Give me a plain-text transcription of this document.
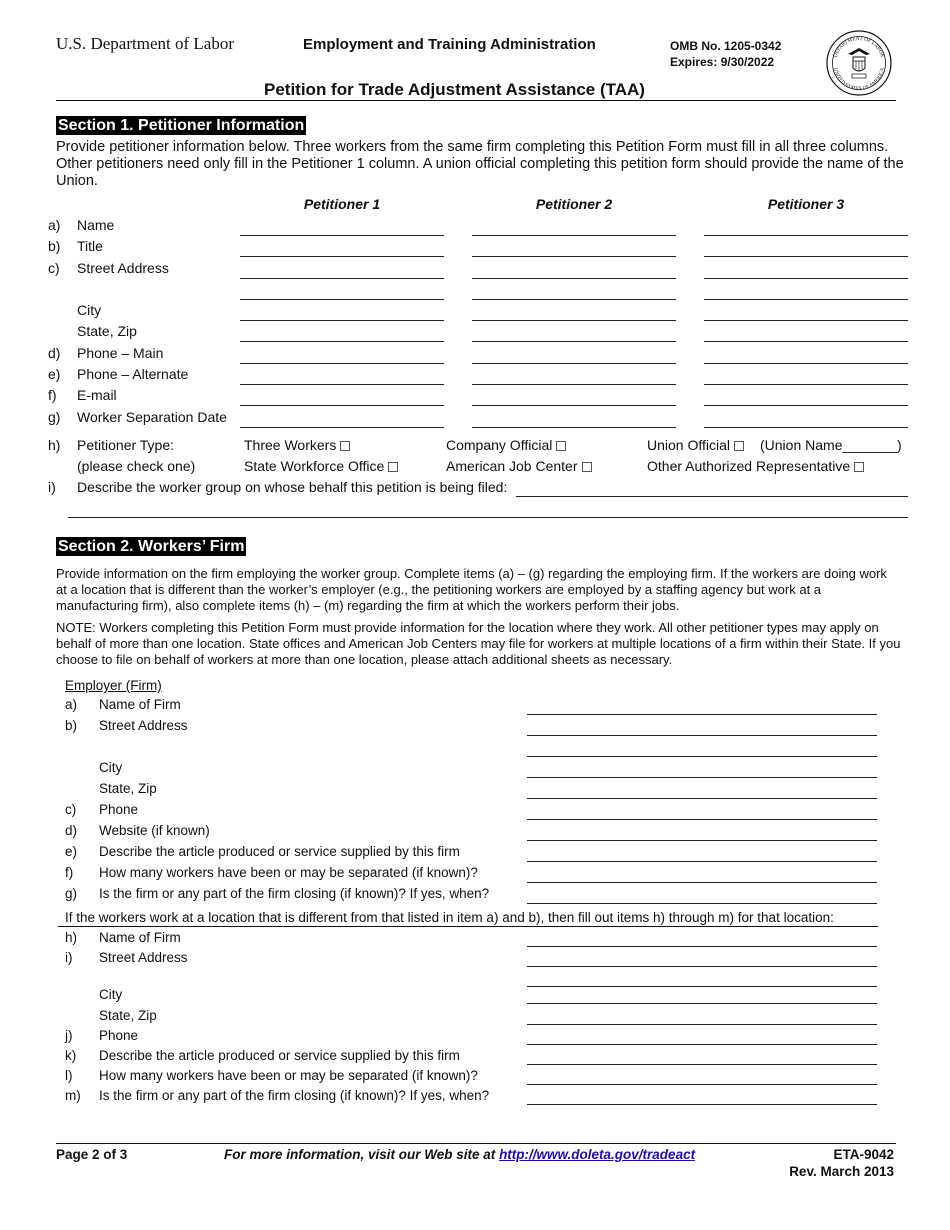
U.S. Department of Labor	Employment and Training Administration	OMB No. 1205-0342
Expires: 9/30/2022	DEPARTMENT OF LABOR
UNITED STATES OF AMERICA
Petition for Trade Adjustment Assistance (TAA)
Section 1. Petitioner Information
Provide petitioner information below. Three workers from the same firm completing this Petition Form must fill in all three columns. Other petitioners need only fill in the Petitioner 1 column. A union official completing this petition form should provide the name of the Union.
Petitioner 1	Petitioner 2	Petitioner 3
a) Name
b) Title
c) Street Address
City
State, Zip
d) Phone – Main
e) Phone – Alternate
f) E-mail
g) Worker Separation Date
h) Petitioner Type:
(please check one)
Three Workers	Company Official	Union Official	(Union Name_______)
State Workforce Office	American Job Center	Other Authorized Representative
i) Describe the worker group on whose behalf this petition is being filed:
Section 2. Workers’ Firm
Provide information on the firm employing the worker group. Complete items (a) – (g) regarding the employing firm. If the workers are doing work at a location that is different than the worker’s employer (e.g., the petitioning workers are employed by a staffing agency but work at a manufacturing firm), also complete items (h) – (m) regarding the firm at which the workers perform their jobs.
NOTE: Workers completing this Petition Form must provide information for the location where they work. All other petitioner types may apply on behalf of more than one location. State offices and American Job Centers may file for workers at multiple locations of a firm within their State. If you choose to file on behalf of workers at more than one location, please attach additional sheets as necessary.
Employer (Firm)
a) Name of Firm
b) Street Address
City
State, Zip
c) Phone
d) Website (if known)
e) Describe the article produced or service supplied by this firm
f) How many workers have been or may be separated (if known)?
g) Is the firm or any part of the firm closing (if known)? If yes, when?
If the workers work at a location that is different from that listed in item a) and b), then fill out items h) through m) for that location:
h) Name of Firm
i) Street Address
City
State, Zip
j) Phone
k) Describe the article produced or service supplied by this firm
l) How many workers have been or may be separated (if known)?
m) Is the firm or any part of the firm closing (if known)? If yes, when?
Page 2 of 3	For more information, visit our Web site at http://www.doleta.gov/tradeact	ETA-9042
Rev. March 2013
